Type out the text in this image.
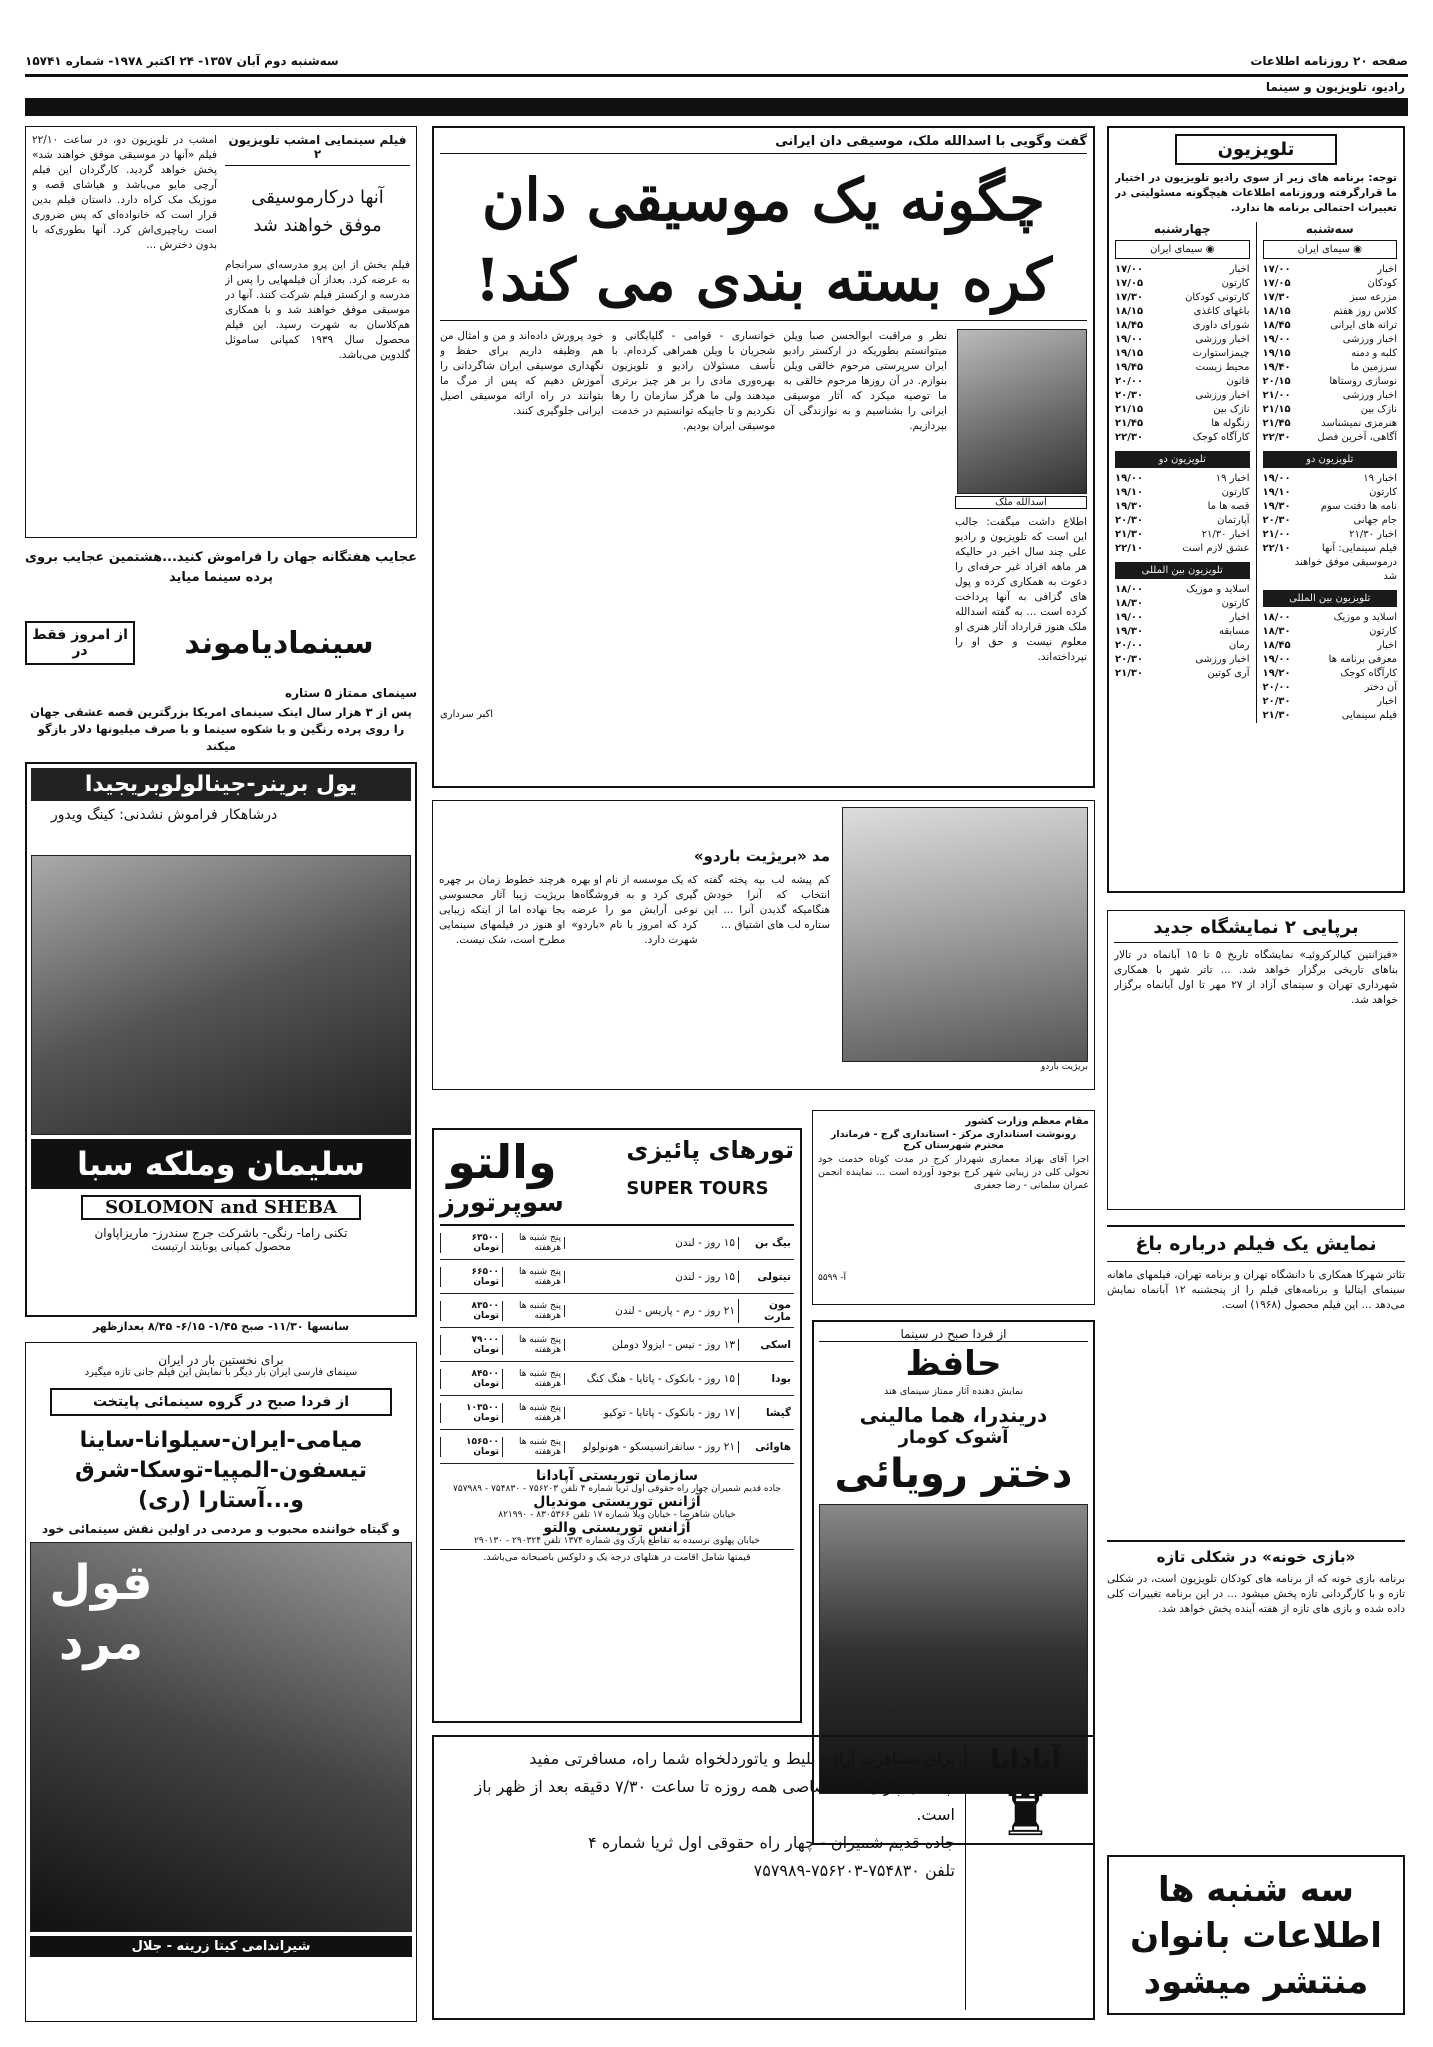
صفحه ۲۰ روزنامه اطلاعات
سه‌شنبه دوم آبان ۱۳۵۷- ۲۴ اکتبر ۱۹۷۸- شماره ۱۵۷۴۱
رادیو، تلویزیون و سینما
تلویزیون
توجه: برنامه های زیر از سوی رادیو تلویزیون در اختیار ما قرارگرفته وروزنامه اطلاعات هیچگونه مسئولیتی در تغییرات احتمالی برنامه ها ندارد.
سه‌شنبه
◉ سیمای ایران
اخبار
۱۷/۰۰
کودکان
۱۷/۰۵
مزرعه سبز
۱۷/۳۰
کلاس روز هفتم
۱۸/۱۵
ترانه های ایرانی
۱۸/۴۵
اخبار ورزشی
۱۹/۰۰
کلبه و دمنه
۱۹/۱۵
سرزمین ما
۱۹/۴۰
نوسازی روستاها
۲۰/۱۵
اخبار ورزشی
۲۱/۰۰
نازک بین
۲۱/۱۵
هنرمزی نمیشناسد
۲۱/۴۵
آگاهی، آخرین فصل
۲۲/۳۰
تلویزیون دو
اخبار ۱۹
۱۹/۰۰
کارتون
۱۹/۱۰
نامه ها دفتت سوم
۱۹/۳۰
جام جهانی
۲۰/۳۰
اخبار ۲۱/۳۰
۲۱/۰۰
فیلم سینمایی: آنها درموسیقی موفق خواهند شد
۲۲/۱۰
تلویزیون بین المللی
اسلاید و موزیک
۱۸/۰۰
کارتون
۱۸/۳۰
اخبار
۱۸/۴۵
معرفی برنامه ها
۱۹/۰۰
کارآگاه کوجک
۱۹/۲۰
آن دختر
۲۰/۰۰
اخبار
۲۰/۳۰
فیلم سینمایی
۲۱/۳۰
چهارشنبه
◉ سیمای ایران
اخبار
۱۷/۰۰
کارتون
۱۷/۰۵
کارتونی کودکان
۱۷/۳۰
باغهای کاغذی
۱۸/۱۵
شورای داوری
۱۸/۴۵
اخبار ورزشی
۱۹/۰۰
چیمزاستوارت
۱۹/۱۵
محیط زیست
۱۹/۴۵
قانون
۲۰/۰۰
اخبار ورزشی
۲۰/۳۰
نازک بین
۲۱/۱۵
زنگوله ها
۲۱/۴۵
کارآگاه کوجک
۲۲/۳۰
تلویزیون دو
اخبار ۱۹
۱۹/۰۰
کارتون
۱۹/۱۰
قصه ها ما
۱۹/۳۰
آپارتمان
۲۰/۳۰
اخبار ۲۱/۳۰
۲۱/۳۰
عشق لازم است
۲۲/۱۰
تلویزیون بین المللی
اسلاید و موزیک
۱۸/۰۰
کارتون
۱۸/۳۰
اخبار
۱۹/۰۰
مسابقه
۱۹/۳۰
رمان
۲۰/۰۰
اخبار ورزشی
۲۰/۳۰
آری کوتین
۲۱/۳۰
برپایی ۲ نمایشگاه جدید
«فیزانتین کیالرکروئیـ» نمایشگاه تاریخ ۵ تا ۱۵ آبانماه در تالار بناهای تاریخی برگزار خواهد شد. ... تاتر شهر با همکاری شهرداری تهران و سینمای آزاد از ۲۷ مهر تا اول آبانماه برگزار خواهد شد.
نمایش یک فیلم درباره باغ
تئاتر شهرکا همکاری با دانشگاه تهران و برنامه تهران، فیلمهای ماهانه سینمای ایتالیا و برنامه‌های فیلم را از پنجشنبه ۱۲ آبانماه نمایش می‌دهد ... این فیلم محصول (۱۹۶۸) است.
«بازی خونه» در شکلی تازه
برنامه بازی خونه که از برنامه های کودکان تلویزیون است، در شکلی تازه و با کارگردانی تازه پخش میشود ... در این برنامه تغییرات کلی داده شده و بازی های تازه از هفته آینده پخش خواهد شد.
سه شنبه ها
اطلاعات بانوان
منتشر میشود
گفت وگویی با اسدالله ملک، موسیقی دان ایرانی
چگونه یک موسیقی دان
کره بسته بندی می کند!
اسدالله ملک
اطلاع داشت میگفت: جالب این است که تلویزیون و رادیو علی چند سال اخیر در حالیکه هر ماهه افراد غیر حرفه‌ای را دعوت به همکاری کرده و پول های گزافی به آنها پرداخت کرده است ... به گفته اسدالله ملک هنوز قرارداد آثار هنری او معلوم نیست و حق او را نپرداخته‌اند.
نظر و مراقبت ابوالحسن صبا ویلن میتوانستم بطوریکه در ارکستر رادیو ایران سرپرستی مرحوم خالقی ویلن بنوازم. در آن روزها مرحوم خالقی به ما توصیه میکرد که آثار موسیقی ایرانی را بشناسیم و به نوازندگی آن بپردازیم.
خوانساری - قوامی - گلپایگانی و شجریان با ویلن همراهی کرده‌ام. با تأسف مسئولان رادیو و تلویزیون بهره‌وری مادی را بر هر چیز برتری میدهند ولی ما هرگز سازمان را رها نکردیم و تا جاییکه توانستیم در خدمت موسیقی ایران بودیم.
خود پرورش داده‌اند و من و امثال من هم وظیفه داریم برای حفظ و نگهداری موسیقی ایران شاگردانی را آموزش دهیم که پس از مرگ ما بتوانند در راه ارائه موسیقی اصیل ایرانی جلوگیری کنند.
اکبر سرداری
بریژیت باردو
مد «بریژیت باردو»
کم پیشه لب بپه پخته گفته انتخاب که آنرا خودش هنگامیکه گذیدن آنرا ... این ستاره لب های اشتیاق ...
که یک موسسه از نام او بهره‌ گیری کرد و به فروشگاه‌ها نوعی آرایش مو را عرضه کرد که امروز با نام «باردو» شهرت دارد.
هرچند خطوط زمان بر چهره بریژیت زیبا آثار محسوسی بجا نهاده اما از اینکه زیبایی او هنوز در فیلمهای سینمایی مطرح است، شک نیست.
تورهای پائیزی
SUPER TOURS
والتو
سوپرتورز
بیگ بن
۱۵ روز - لندن
پنج شنبه ها هرهفته
۶۳۵۰۰ تومان
تیتولی
۱۵ روز - لندن
پنج شنبه ها هرهفته
۶۶۵۰۰ تومان
مون مارت
۲۱ روز - رم - پاریس - لندن
پنج شنبه ها هرهفته
۸۳۵۰۰ تومان
اسکی
۱۳ روز - نیس - ایزولا دوملن
پنج شنبه ها هرهفته
۷۹۰۰۰ تومان
بودا
۱۵ روز - بانکوک - پاتایا - هنگ کنگ
پنج شنبه ها هرهفته
۸۴۵۰۰ تومان
گیشا
۱۷ روز - بانکوک - پاتایا - توکیو
پنج شنبه ها هرهفته
۱۰۳۵۰۰ تومان
هاوائی
۲۱ روز - سانفرانسیسکو - هونولولو
پنج شنبه ها هرهفته
۱۵۶۵۰۰ تومان
سازمان توریستی آپادانا
جاده قدیم شمیران چهار راه حقوقی اول ثریا شماره ۴ تلفن ۷۵۶۲۰۳ - ۷۵۴۸۳۰ - ۷۵۷۹۸۹
آژانس توریستی موندیال
خیابان شاهرضا - خیابان ویلا شماره ۱۷ تلفن ۸۳۰۵۳۶۶ - ۸۲۱۹۹۰
آژانس توریستی والتو
خیابان پهلوی نرسیده به تقاطع پارک وی شماره ۱۳۷۴ تلفن ۲۹۰۳۲۴ - ۲۹۰۱۳۰
قیمتها شامل اقامت در هتلهای درجه یک و دلوکس باصبحانه می‌باشد.
مقام معظم وزارت کشور
رونوشت استانداری مرکز - استانداری گرج - فرماندار محترم شهرستان کرج
اجرا آقای بهزاد معماری شهردار کرج در مدت کوتاه خدمت خود تحولی کلی در زیبایی شهر کرج بوجود آورده است ... نماینده انجمن عمران سلمانی - رضا جعفری
آ- ۵۵۹۹
از فردا صبح در سینما
حافظ
نمایش دهنده آثار ممتاز سینمای هند
دریندرا، هما مالینی
آشوک کومار
دختر رویائی
آپادانا
♜
برای مسافرت آزاد - بلیط و یاتوردلخواه شما راه، مسافرتی مفید
آپادانا با پارکینگ اختصاصی همه روزه تا ساعت ۷/۳۰ دقیقه بعد از ظهر باز است.
جاده قدیم شمیران - چهار راه حقوقی اول ثریا شماره ۴
تلفن ۷۵۴۸۳۰-۷۵۶۲۰۳-۷۵۷۹۸۹
فیلم سینمایی امشب تلویزیون ۲
آنها درکارموسیقی موفق خواهند شد
فیلم بخش از این پرو مدرسه‌ای سرانجام به عرضه کرد. بعداز آن فیلمهایی را پس از مدرسه و ارکستر فیلم شرکت کنند. آنها در موسیقی موفق خواهند شد و با همکاری هم‌کلاسان به شهرت رسید. این فیلم محصول سال ۱۹۳۹ کمپانی ساموئل گلدوین می‌باشد.
امشب در تلویزیون دو، در ساعت ۲۲/۱۰ فیلم «آنها در موسیقی موفق خواهند شد» پخش خواهد گردید. کارگردان این فیلم آرچی مایو می‌باشد و هیاشای قصه و موزیک مک کراه دارد. داستان فیلم بدین قرار است که خانواده‌ای که پس ضروری است ریاچیری‌اش کرد. آنها بطوری‌که با بدون دخترش ...
عجایب هفتگانه جهان را فراموش کنید...هشتمین عجایب بروی پرده سینما میاید
سینمادیاموند
از امروز فقط در
سینمای ممتاز ۵ ستاره
پس از ۳ هزار سال اینک سینمای امریکا بزرگترین قصه عشقی جهان را روی پرده رنگین و با شکوه سینما و با صرف میلیونها دلار بازگو میکند
یول برینر-جینالولوبریجیدا
درشاهکار فراموش نشدنی: کینگ ویدور
سلیمان وملکه سبا
SOLOMON and SHEBA
تکنی راما- رنگی- باشرکت جرج سندرز- ماریزاپاوان
محصول کمپانی یونایتد ارتیست
سانسها ۱۱/۳۰- صبح ۱/۴۵- ۶/۱۵- ۸/۴۵ بعدازظهر
برای نخستین بار در ایران
سینمای فارسی ایران بار دیگر با نمایش این فیلم جانی تازه میگیرد
از فردا صبح در گروه سینمائی پایتخت
میامی-ایران-سیلوانا-ساینا
تیسفون-المپیا-توسکا-شرق
و...آستارا (ری)
و گیتاه خواننده محبوب و مردمی در اولین نقش سینمائی خود
قول مرد
شیراندامی کیتا زرینه - جلال
